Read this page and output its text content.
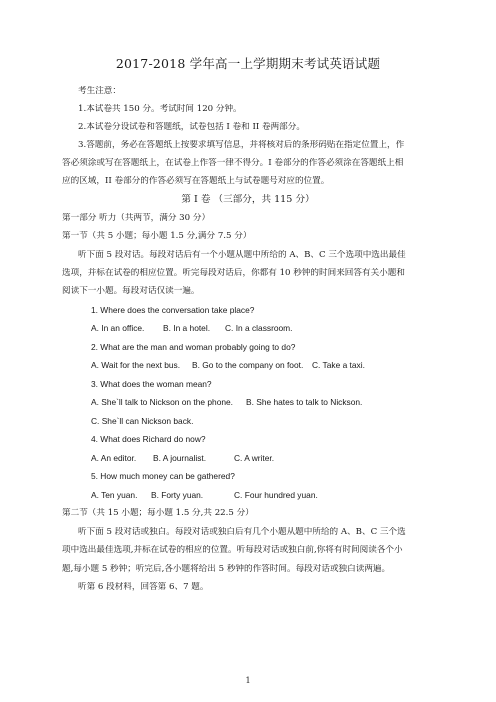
2017-2018 学年高一上学期期末考试英语试题
考生注意：
1.本试卷共 150 分。考试时间 120 分钟。
2.本试卷分设试卷和答题纸，试卷包括 I 卷和 II 卷两部分。
3.答题前，务必在答题纸上按要求填写信息，并将核对后的条形码贴在指定位置上，作
答必须涂或写在答题纸上，在试卷上作答一律不得分。I 卷部分的作答必须涂在答题纸上相
应的区域，II 卷部分的作答必须写在答题纸上与试卷题号对应的位置。
第 I 卷 （三部分，共 115 分）
第一部分 听力（共两节，满分 30 分）
第一节（共 5 小题；每小题 1.5 分,满分 7.5 分）
听下面 5 段对话。每段对话后有一个小题从题中所给的 A、B、C 三个选项中选出最佳
选项，并标在试卷的相应位置。听完每段对话后，你都有 10 秒钟的时间来回答有关小题和
阅读下一小题。每段对话仅读一遍。
1. Where does the conversation take place?
A. In an office. B. In a hotel. C. In a classroom.
2. What are the man and woman probably going to do?
A. Wait for the next bus. B. Go to the company on foot. C. Take a taxi.
3. What does the woman mean?
A. She`ll talk to Nickson on the phone. B. She hates to talk to Nickson.
C. She`ll can Nickson back.
4. What does Richard do now?
A. An editor. B. A journalist.	C. A writer.
5. How much money can be gathered?
A. Ten yuan. B. Forty yuan.	C. Four hundred yuan.
第二节（共 15 小题；每小题 1.5 分,共 22.5 分）
听下面 5 段对话或独白。每段对话或独白后有几个小题从题中所给的 A、B、C 三个选
项中选出最佳选项,并标在试卷的相应的位置。听每段对话或独白前,你将有时间阅读各个小
题,每小题 5 秒钟；听完后,各小题将给出 5 秒钟的作答时间。每段对话或独白读两遍。
听第 6 段材料，回答第 6、7 题。
1
